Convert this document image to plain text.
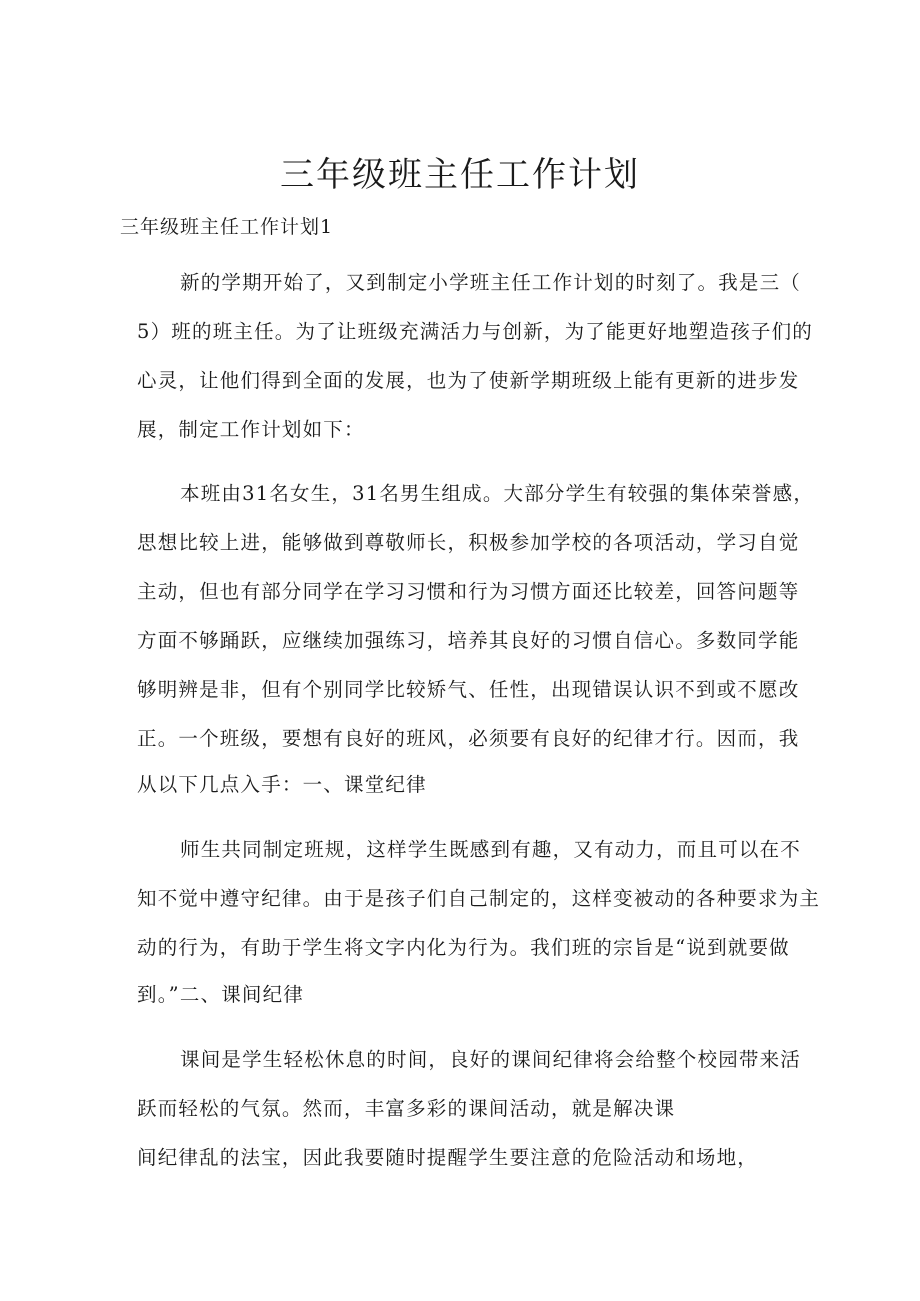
三年级班主任工作计划

三年级班主任工作计划1

新的学期开始了，又到制定小学班主任工作计划的时刻了。我是三（

5）班的班主任。为了让班级充满活力与创新，为了能更好地塑造孩子们的

心灵，让他们得到全面的发展，也为了使新学期班级上能有更新的进步发

展，制定工作计划如下：

本班由31名女生，31名男生组成。大部分学生有较强的集体荣誉感，

思想比较上进，能够做到尊敬师长，积极参加学校的各项活动，学习自觉

主动，但也有部分同学在学习习惯和行为习惯方面还比较差，回答问题等

方面不够踊跃，应继续加强练习，培养其良好的习惯自信心。多数同学能

够明辨是非，但有个别同学比较矫气、任性，出现错误认识不到或不愿改

正。一个班级，要想有良好的班风，必须要有良好的纪律才行。因而，我

从以下几点入手：一、课堂纪律

师生共同制定班规，这样学生既感到有趣，又有动力，而且可以在不

知不觉中遵守纪律。由于是孩子们自己制定的，这样变被动的各种要求为主

动的行为，有助于学生将文字内化为行为。我们班的宗旨是“说到就要做

到。”二、课间纪律

课间是学生轻松休息的时间，良好的课间纪律将会给整个校园带来活

跃而轻松的气氛。然而，丰富多彩的课间活动，就是解决课

间纪律乱的法宝，因此我要随时提醒学生要注意的危险活动和场地，
